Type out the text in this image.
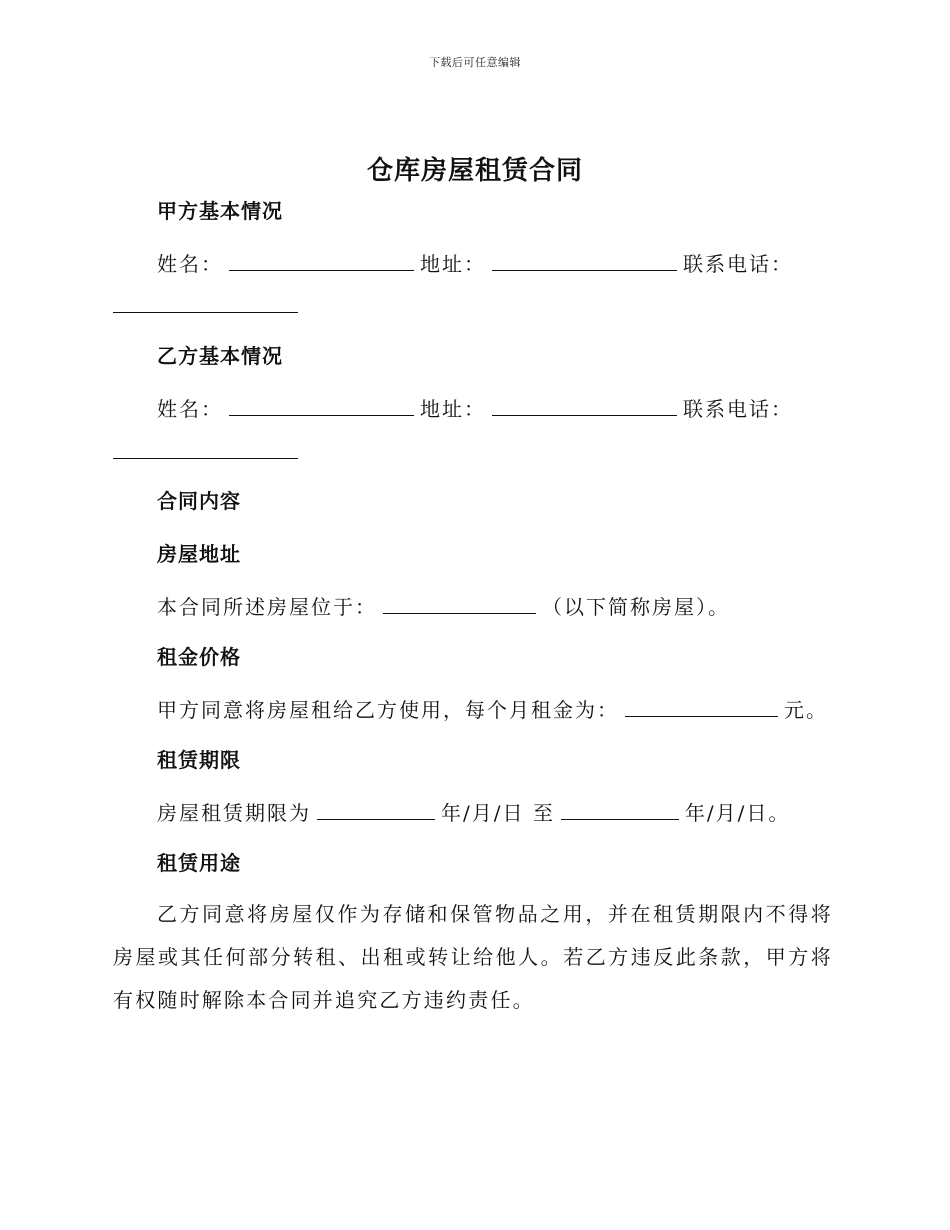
下载后可任意编辑
仓库房屋租赁合同
甲方基本情况
姓名：	地址：	联系电话：
乙方基本情况
姓名：	地址：	联系电话：
合同内容
房屋地址
本合同所述房屋位于：	（以下简称房屋）。
租金价格
甲方同意将房屋租给乙方使用，每个月租金为：	元。
租赁期限
房屋租赁期限为	年/月/日 至	年/月/日。
租赁用途
乙方同意将房屋仅作为存储和保管物品之用，并在租赁期限内不得将房屋或其任何部分转租、出租或转让给他人。若乙方违反此条款，甲方将有权随时解除本合同并追究乙方违约责任。
